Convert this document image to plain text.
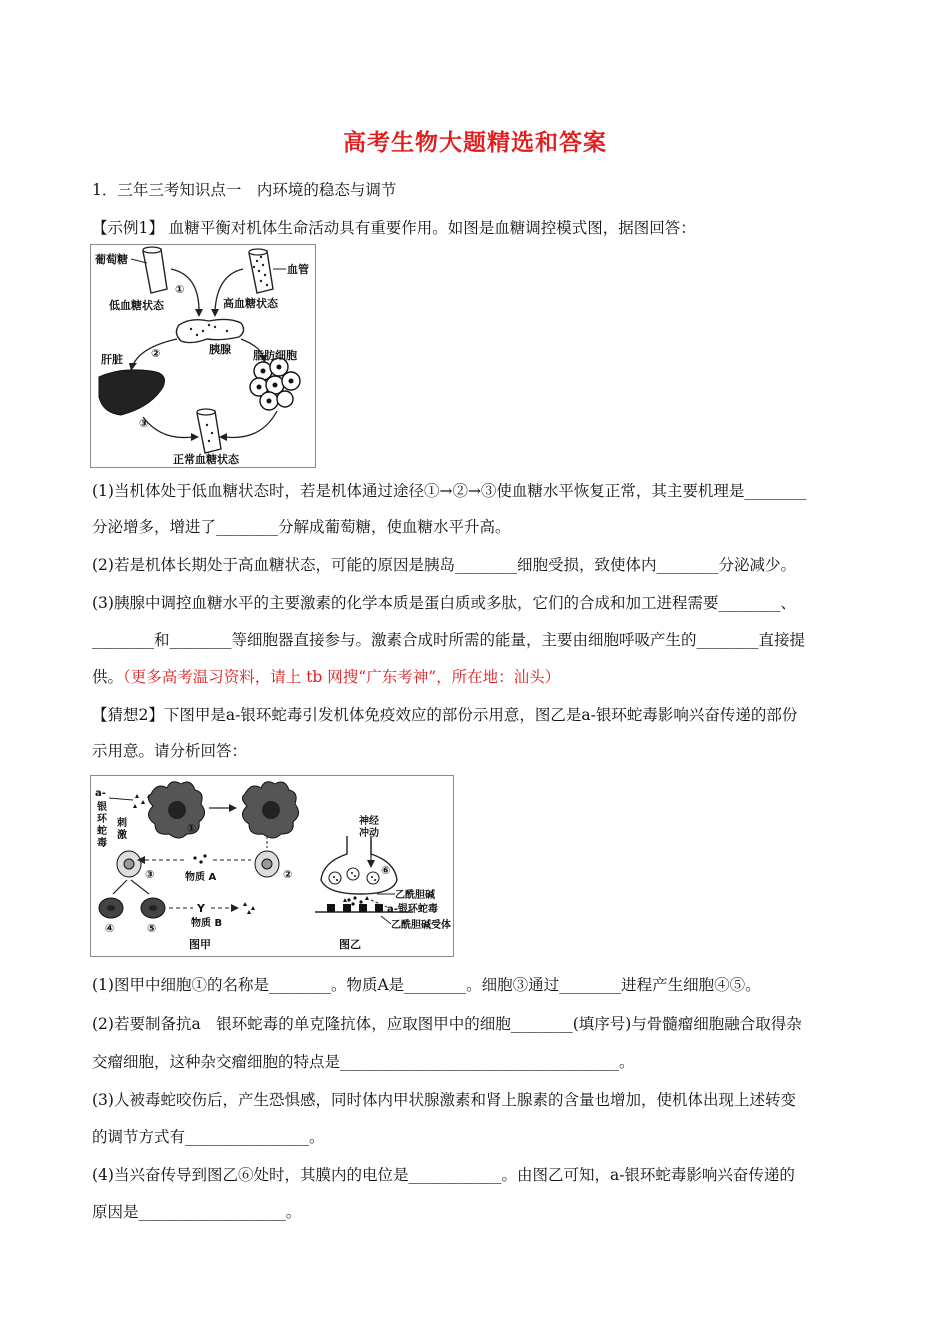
高考生物大题精选和答案
1．三年三考知识点一　内环境的稳态与调节
【示例1】 血糖平衡对机体生命活动具有重要作用。如图是血糖调控模式图，据图回答：
葡萄糖
血管
①
低血糖状态	高血糖状态
胰腺
②
肝脏	脂肪细胞
③
正常血糖状态
(1)当机体处于低血糖状态时，若是机体通过途径①→②→③使血糖水平恢复正常，其主要机理是________
分泌增多，增进了________分解成葡萄糖，使血糖水平升高。
(2)若是机体长期处于高血糖状态，可能的原因是胰岛________细胞受损，致使体内________分泌减少。
(3)胰腺中调控血糖水平的主要激素的化学本质是蛋白质或多肽，它们的合成和加工进程需要________、
________和________等细胞器直接参与。激素合成时所需的能量，主要由细胞呼吸产生的________直接提
供。（更多高考温习资料，请上 tb 网搜“广东考神”，所在地：汕头）
【猜想2】下图甲是a-银环蛇毒引发机体免疫效应的部份示用意，图乙是a-银环蛇毒影响兴奋传递的部份
示用意。请分析回答：
a-
银
环
蛇
毒
刺
激
①
③	②
物质 A
④	⑤
Y
物质 B
图甲
神经
冲动
⑥
乙酰胆碱
a-银环蛇毒
乙酰胆碱受体
图乙
(1)图甲中细胞①的名称是________。物质A是________。细胞③通过________进程产生细胞④⑤。
(2)若要制备抗a　银环蛇毒的单克隆抗体，应取图甲中的细胞________(填序号)与骨髓瘤细胞融合取得杂
交瘤细胞，这种杂交瘤细胞的特点是____________________________________。
(3)人被毒蛇咬伤后，产生恐惧感，同时体内甲状腺激素和肾上腺素的含量也增加，使机体出现上述转变
的调节方式有________________。
(4)当兴奋传导到图乙⑥处时，其膜内的电位是____________。由图乙可知，a-银环蛇毒影响兴奋传递的
原因是___________________。
